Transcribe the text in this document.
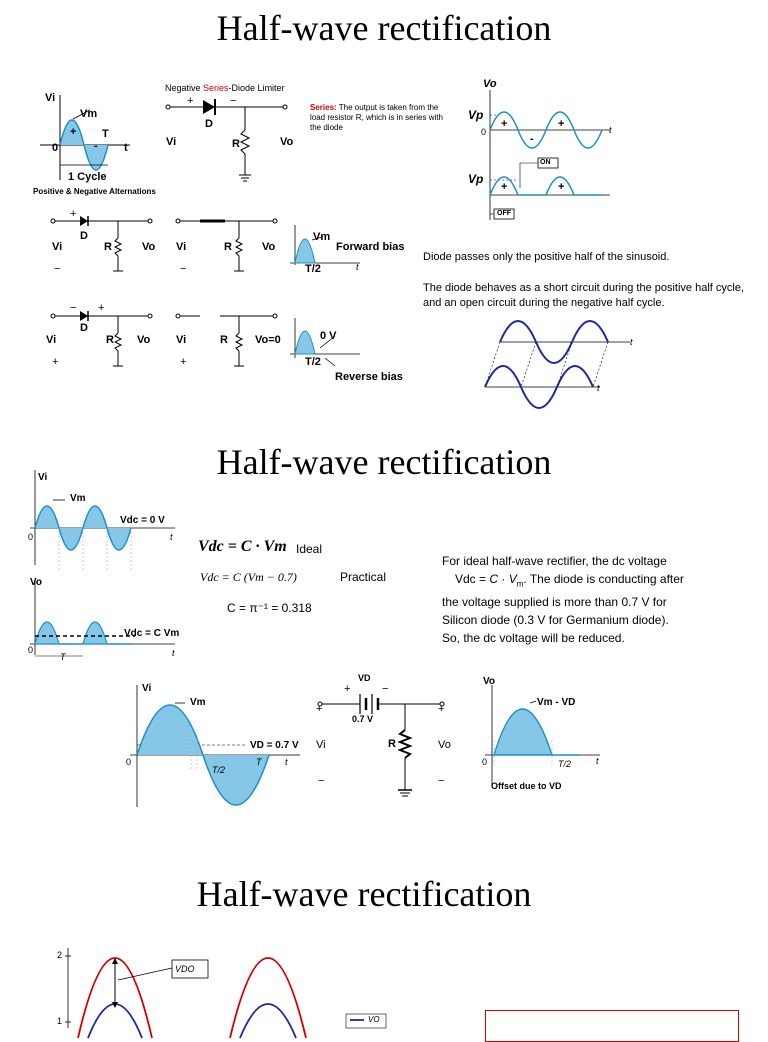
Half-wave rectification
Vi
Vm
T
t
0
+
-
1 Cycle
Positive & Negative Alternations
Negative Series-Diode Limiter
+	−
D
Vi	R	Vo
Series: The output is taken from the load resistor R, which is in series with the diode
+
D
Vi	R	Vo
−
Vi	R	Vo
−
Vm
Forward bias
T/2	t
− +
D
Vi	R Vo
+
Vi	R Vo=0
+
0 V
T/2
Reverse bias
Vo
Vp
0	t
+	+
-
Vp
+	+
ON
OFF
Diode passes only the positive half of the sinusoid.
The diode behaves as a short circuit during the positive half cycle, and an open circuit during the negative half cycle.
t
t
Half-wave rectification
Vi
Vm
Vdc = 0 V
0	t
Vo
Vdc = C Vm
0
T	t
Vdc = C · Vm Ideal
Vdc = C (Vm − 0.7)	Practical
C = π⁻¹ = 0.318
For ideal half-wave rectifier, the dc voltage
Vdc = $C \cdot V_m$. The diode is conducting after
the voltage supplied is more than 0.7 V for
Silicon diode (0.3 V for Germanium diode).
So, the dc voltage will be reduced.
Vi
Vm
VD = 0.7 V
0
T/2
T	t
VD
+	−
+	+
0.7 V
Vi	R	Vo
−	−
Vo
Vm - VD
0	T/2	t
Offset due to VD
Half-wave rectification
2
1
VDO
VO
